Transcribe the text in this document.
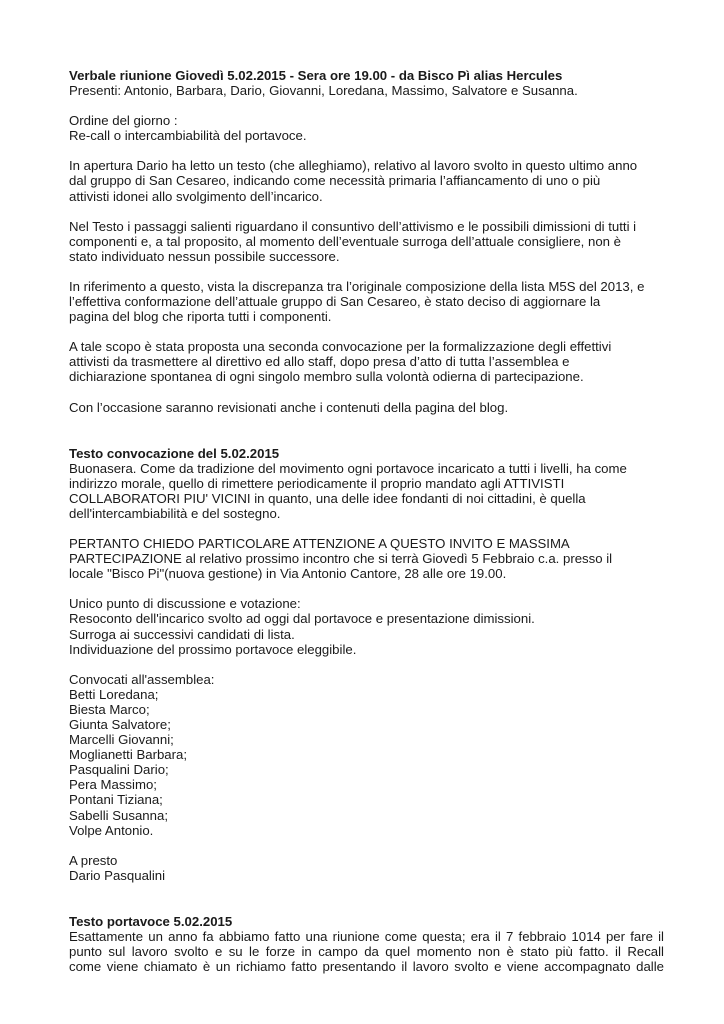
Verbale riunione Giovedì 5.02.2015 - Sera ore 19.00 - da Bisco Pì alias Hercules
Presenti: Antonio, Barbara, Dario, Giovanni, Loredana, Massimo, Salvatore e Susanna.
Ordine del giorno :
Re-call o intercambiabilità del portavoce.
In apertura Dario ha letto un testo (che alleghiamo), relativo al lavoro svolto in questo ultimo anno
dal gruppo di San Cesareo, indicando come necessità primaria l’affiancamento di uno o più
attivisti idonei allo svolgimento dell’incarico.
Nel Testo i passaggi salienti riguardano il consuntivo dell’attivismo e le possibili dimissioni di tutti i
componenti e, a tal proposito, al momento dell’eventuale surroga dell’attuale consigliere, non è
stato individuato nessun possibile successore.
In riferimento a questo, vista la discrepanza tra l’originale composizione della lista M5S del 2013, e
l’effettiva conformazione dell’attuale gruppo di San Cesareo, è stato deciso di aggiornare la
pagina del blog che riporta tutti i componenti.
A tale scopo è stata proposta una seconda convocazione per la formalizzazione degli effettivi
attivisti da trasmettere al direttivo ed allo staff, dopo presa d’atto di tutta l’assemblea e
dichiarazione spontanea di ogni singolo membro sulla volontà odierna di partecipazione.
Con l’occasione saranno revisionati anche i contenuti della pagina del blog.
Testo convocazione del 5.02.2015
Buonasera. Come da tradizione del movimento ogni portavoce incaricato a tutti i livelli, ha come
indirizzo morale, quello di rimettere periodicamente il proprio mandato agli ATTIVISTI
COLLABORATORI PIU' VICINI in quanto, una delle idee fondanti di noi cittadini, è quella
dell'intercambiabilità e del sostegno.
PERTANTO CHIEDO PARTICOLARE ATTENZIONE A QUESTO INVITO E MASSIMA
PARTECIPAZIONE al relativo prossimo incontro che si terrà Giovedì 5 Febbraio c.a. presso il
locale "Bisco Pi"(nuova gestione) in Via Antonio Cantore, 28 alle ore 19.00.
Unico punto di discussione e votazione:
Resoconto dell'incarico svolto ad oggi dal portavoce e presentazione dimissioni.
Surroga ai successivi candidati di lista.
Individuazione del prossimo portavoce eleggibile.
Convocati all'assemblea:
Betti Loredana;
Biesta Marco;
Giunta Salvatore;
Marcelli Giovanni;
Moglianetti Barbara;
Pasqualini Dario;
Pera Massimo;
Pontani Tiziana;
Sabelli Susanna;
Volpe Antonio.
A presto
Dario Pasqualini
Testo portavoce 5.02.2015
Esattamente un anno fa abbiamo fatto una riunione come questa; era il 7 febbraio 1014 per fare il
punto sul lavoro svolto e su le forze in campo da quel momento non è stato più fatto. il Recall
come viene chiamato è un richiamo fatto presentando il lavoro svolto e viene accompagnato dalle
